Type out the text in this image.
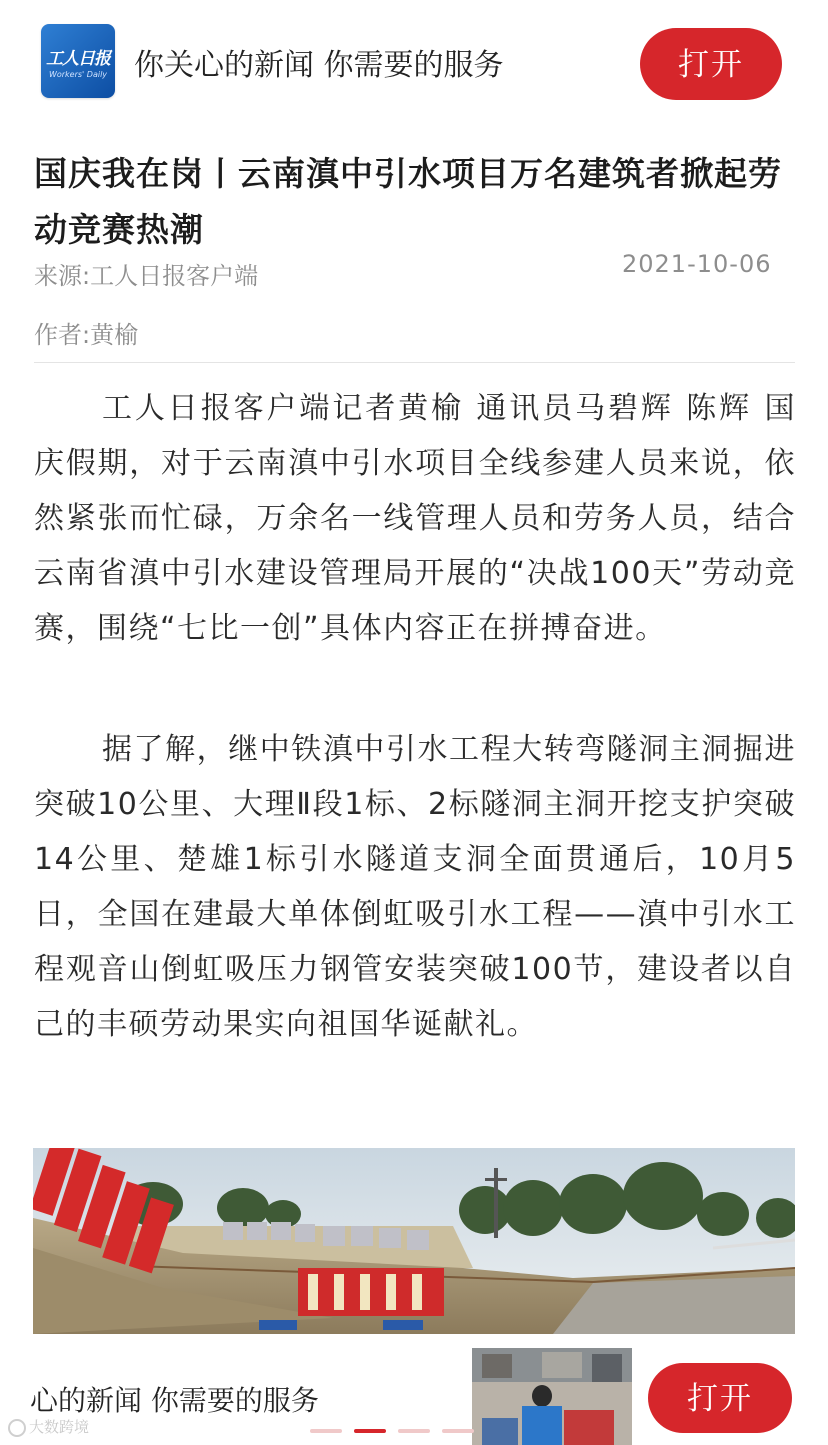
工人日报
Workers' Daily 你关心的新闻 你需要的服务	打开
国庆我在岗丨云南滇中引水项目万名建筑者掀起劳动竞赛热潮
来源:工人日报客户端	2021-10-06
作者:黄榆

工人日报客户端记者黄榆 通讯员马碧辉 陈辉 国庆假期，对于云南滇中引水项目全线参建人员来说，依然紧张而忙碌，万余名一线管理人员和劳务人员，结合云南省滇中引水建设管理局开展的“决战100天”劳动竞赛，围绕“七比一创”具体内容正在拼搏奋进。

据了解，继中铁滇中引水工程大转弯隧洞主洞掘进突破10公里、大理Ⅱ段1标、2标隧洞主洞开挖支护突破14公里、楚雄1标引水隧道支洞全面贯通后，10月5日，全国在建最大单体倒虹吸引水工程——滇中引水工程观音山倒虹吸压力钢管安装突破100节，建设者以自己的丰硕劳动果实向祖国华诞献礼。

心的新闻 你需要的服务	打开
大数跨境
